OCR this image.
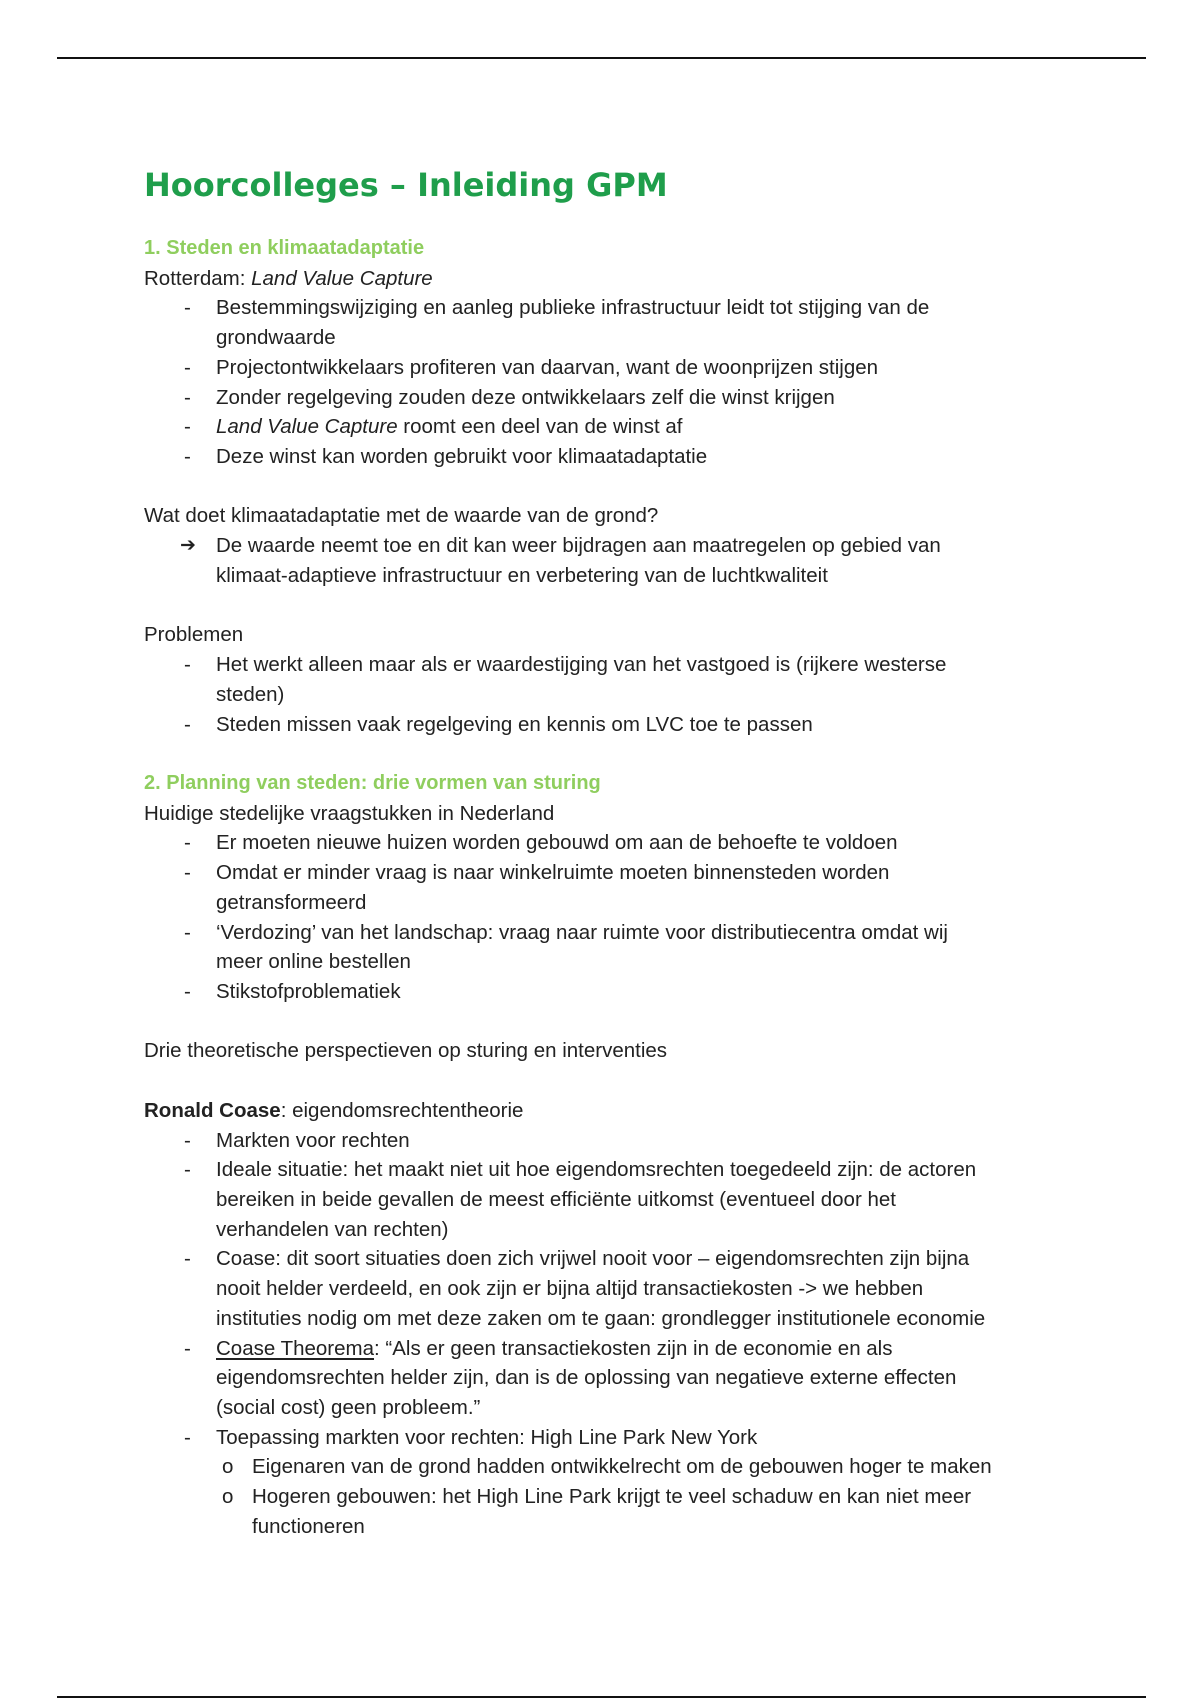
Hoorcolleges – Inleiding GPM
1. Steden en klimaatadaptatie
Rotterdam: Land Value Capture
- Bestemmingswijziging en aanleg publieke infrastructuur leidt tot stijging van de
grondwaarde
- Projectontwikkelaars profiteren van daarvan, want de woonprijzen stijgen
- Zonder regelgeving zouden deze ontwikkelaars zelf die winst krijgen
- Land Value Capture roomt een deel van de winst af
- Deze winst kan worden gebruikt voor klimaatadaptatie
Wat doet klimaatadaptatie met de waarde van de grond?
➔ De waarde neemt toe en dit kan weer bijdragen aan maatregelen op gebied van
klimaat-adaptieve infrastructuur en verbetering van de luchtkwaliteit
Problemen
- Het werkt alleen maar als er waardestijging van het vastgoed is (rijkere westerse
steden)
- Steden missen vaak regelgeving en kennis om LVC toe te passen
2. Planning van steden: drie vormen van sturing
Huidige stedelijke vraagstukken in Nederland
- Er moeten nieuwe huizen worden gebouwd om aan de behoefte te voldoen
- Omdat er minder vraag is naar winkelruimte moeten binnensteden worden
getransformeerd
- ‘Verdozing’ van het landschap: vraag naar ruimte voor distributiecentra omdat wij
meer online bestellen
- Stikstofproblematiek
Drie theoretische perspectieven op sturing en interventies
Ronald Coase: eigendomsrechtentheorie
- Markten voor rechten
- Ideale situatie: het maakt niet uit hoe eigendomsrechten toegedeeld zijn: de actoren
bereiken in beide gevallen de meest efficiënte uitkomst (eventueel door het
verhandelen van rechten)
- Coase: dit soort situaties doen zich vrijwel nooit voor – eigendomsrechten zijn bijna
nooit helder verdeeld, en ook zijn er bijna altijd transactiekosten -> we hebben
instituties nodig om met deze zaken om te gaan: grondlegger institutionele economie
- Coase Theorema: “Als er geen transactiekosten zijn in de economie en als
eigendomsrechten helder zijn, dan is de oplossing van negatieve externe effecten
(social cost) geen probleem.”
- Toepassing markten voor rechten: High Line Park New York
o Eigenaren van de grond hadden ontwikkelrecht om de gebouwen hoger te maken
o Hogeren gebouwen: het High Line Park krijgt te veel schaduw en kan niet meer
functioneren
